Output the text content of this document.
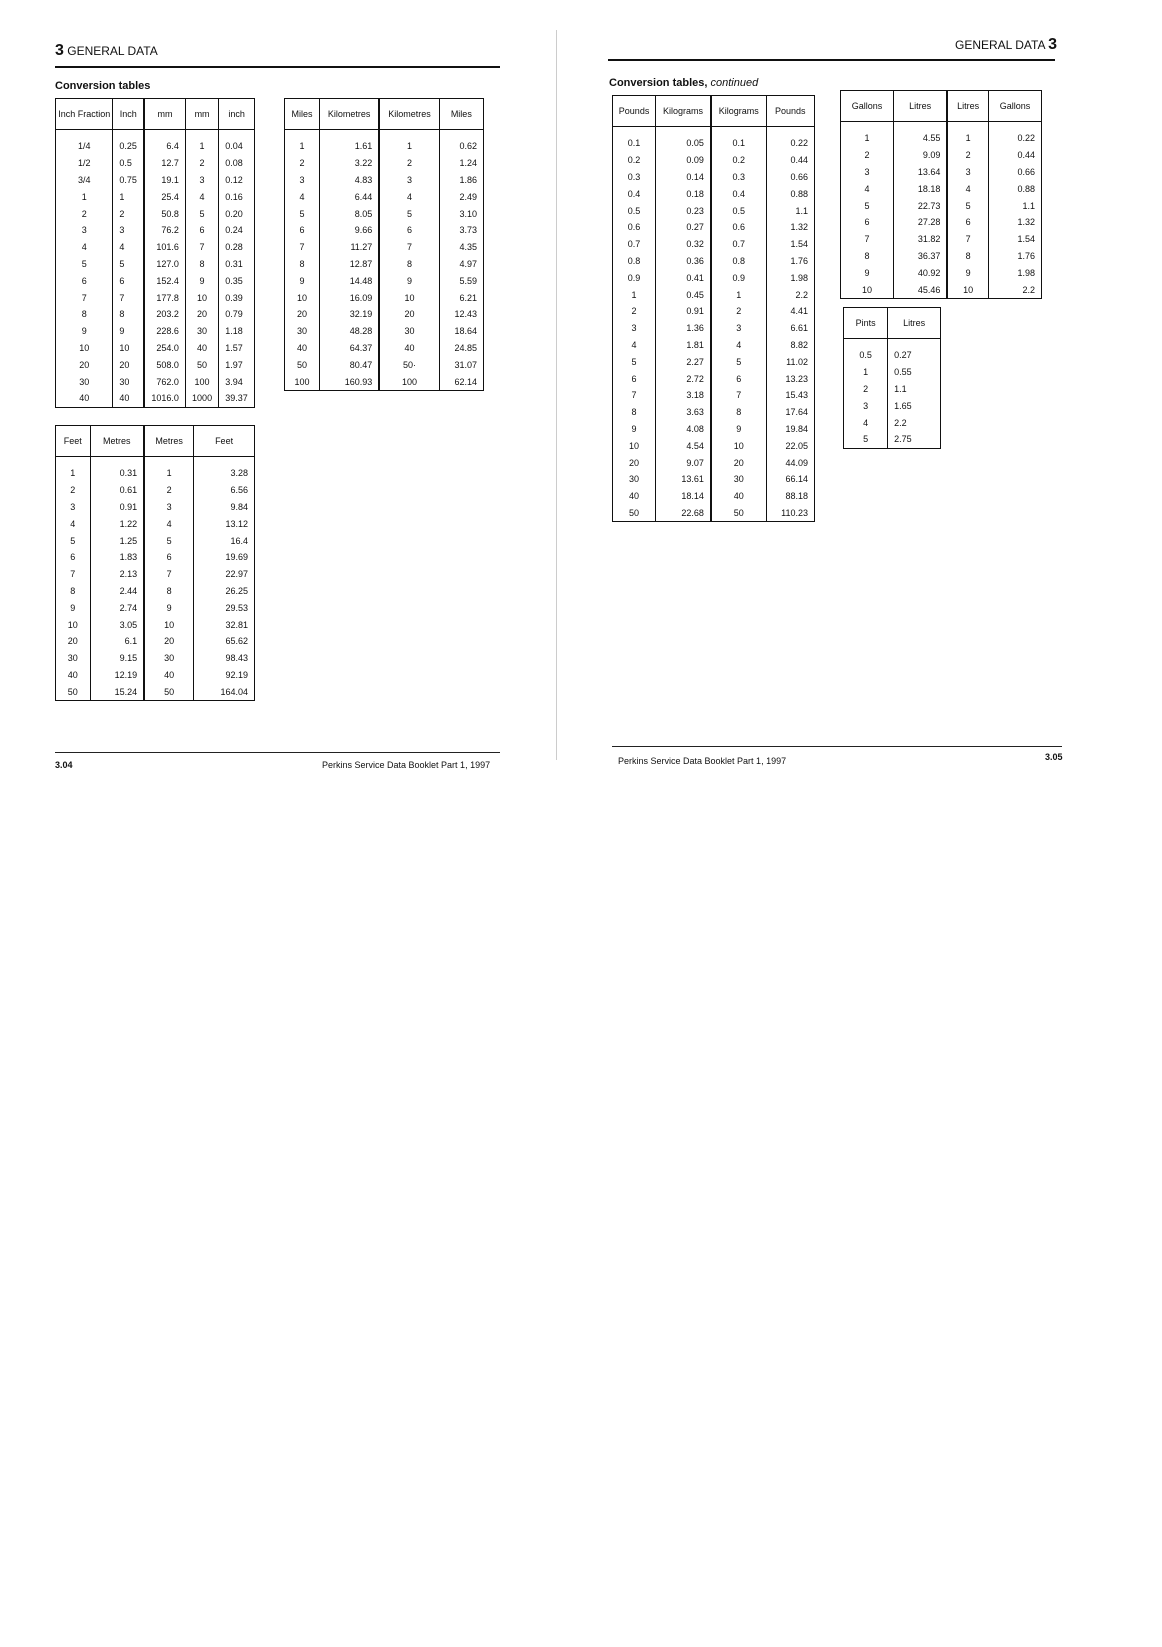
3 GENERAL DATA
Conversion tables
Inch Fraction	Inch	mm	mm	inch
1/4	0.25	6.4	1	0.04
1/2	0.5	12.7	2	0.08
3/4	0.75	19.1	3	0.12
1	1	25.4	4	0.16
2	2	50.8	5	0.20
3	3	76.2	6	0.24
4	4	101.6	7	0.28
5	5	127.0	8	0.31
6	6	152.4	9	0.35
7	7	177.8	10	0.39
8	8	203.2	20	0.79
9	9	228.6	30	1.18
10	10	254.0	40	1.57
20	20	508.0	50	1.97
30	30	762.0	100	3.94
40	40	1016.0	1000	39.37
Miles	Kilometres	Kilometres	Miles
1	1.61	1	0.62
2	3.22	2	1.24
3	4.83	3	1.86
4	6.44	4	2.49
5	8.05	5	3.10
6	9.66	6	3.73
7	11.27	7	4.35
8	12.87	8	4.97
9	14.48	9	5.59
10	16.09	10	6.21
20	32.19	20	12.43
30	48.28	30	18.64
40	64.37	40	24.85
50	80.47	50·	31.07
100	160.93	100	62.14
Feet	Metres	Metres	Feet
1	0.31	1	3.28
2	0.61	2	6.56
3	0.91	3	9.84
4	1.22	4	13.12
5	1.25	5	16.4
6	1.83	6	19.69
7	2.13	7	22.97
8	2.44	8	26.25
9	2.74	9	29.53
10	3.05	10	32.81
20	6.1	20	65.62
30	9.15	30	98.43
40	12.19	40	92.19
50	15.24	50	164.04
3.04	Perkins Service Data Booklet Part 1, 1997
GENERAL DATA 3
Conversion tables, continued
Pounds	Kilograms	Kilograms	Pounds
0.1	0.05	0.1	0.22
0.2	0.09	0.2	0.44
0.3	0.14	0.3	0.66
0.4	0.18	0.4	0.88
0.5	0.23	0.5	1.1
0.6	0.27	0.6	1.32
0.7	0.32	0.7	1.54
0.8	0.36	0.8	1.76
0.9	0.41	0.9	1.98
1	0.45	1	2.2
2	0.91	2	4.41
3	1.36	3	6.61
4	1.81	4	8.82
5	2.27	5	11.02
6	2.72	6	13.23
7	3.18	7	15.43
8	3.63	8	17.64
9	4.08	9	19.84
10	4.54	10	22.05
20	9.07	20	44.09
30	13.61	30	66.14
40	18.14	40	88.18
50	22.68	50	110.23
Gallons	Litres	Litres	Gallons
1	4.55	1	0.22
2	9.09	2	0.44
3	13.64	3	0.66
4	18.18	4	0.88
5	22.73	5	1.1
6	27.28	6	1.32
7	31.82	7	1.54
8	36.37	8	1.76
9	40.92	9	1.98
10	45.46	10	2.2
Pints	Litres
0.5	0.27
1	0.55
2	1.1
3	1.65
4	2.2
5	2.75
Perkins Service Data Booklet Part 1, 1997	3.05
